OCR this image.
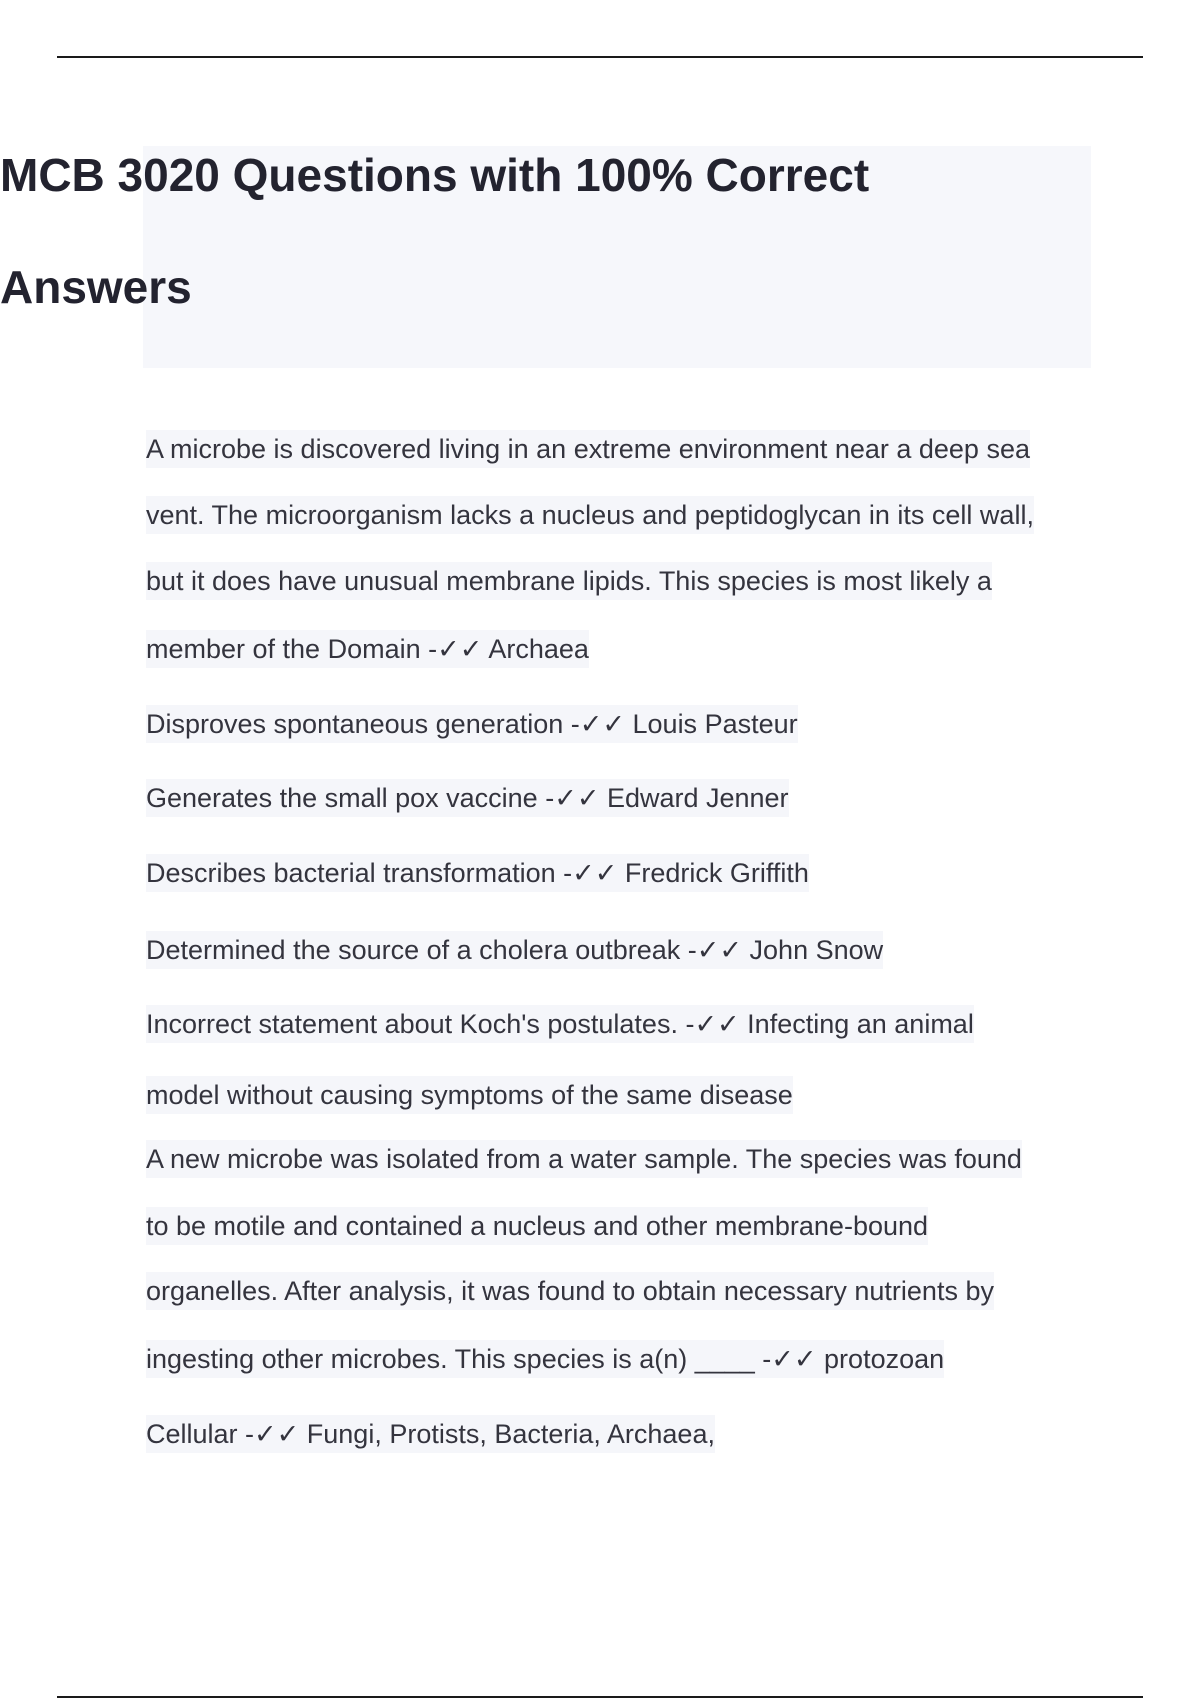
MCB 3020 Questions with 100% Correct
Answers
A microbe is discovered living in an extreme environment near a deep sea
vent. The microorganism lacks a nucleus and peptidoglycan in its cell wall,
but it does have unusual membrane lipids. This species is most likely a
member of the Domain -✓✓ Archaea
Disproves spontaneous generation -✓✓ Louis Pasteur
Generates the small pox vaccine -✓✓ Edward Jenner
Describes bacterial transformation -✓✓ Fredrick Griffith
Determined the source of a cholera outbreak -✓✓ John Snow
Incorrect statement about Koch's postulates. -✓✓ Infecting an animal
model without causing symptoms of the same disease
A new microbe was isolated from a water sample. The species was found
to be motile and contained a nucleus and other membrane-bound
organelles. After analysis, it was found to obtain necessary nutrients by
ingesting other microbes. This species is a(n) ____ -✓✓ protozoan
Cellular -✓✓ Fungi, Protists, Bacteria, Archaea,
